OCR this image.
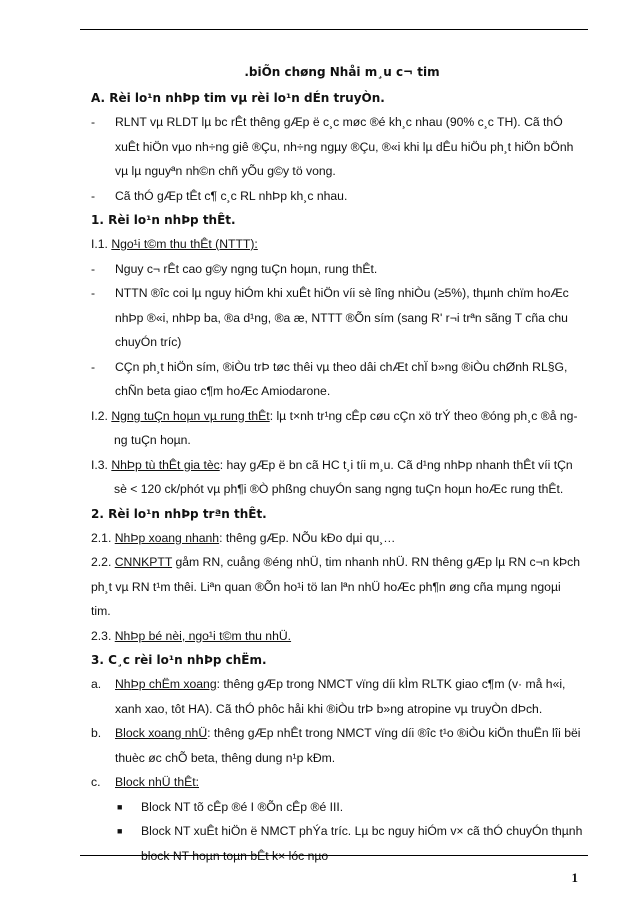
.biÕn chøng Nhåi m¸u c¬ tim

A. Rèi lo¹n nhÞp tim vµ rèi lo¹n dÉn truyÒn.

- RLNT vµ RLDT lµ bc rÊt thêng gÆp ë c¸c møc ®é kh¸c nhau (90% c¸c TH). Cã thÓ xuÊt hiÖn vµo nh÷ng giê ®Çu, nh÷ng ngµy ®Çu, ®«i khi lµ dÊu hiÖu ph¸t hiÖn bÖnh vµ lµ nguyªn nh©n chñ yÕu g©y tö vong.

- Cã thÓ gÆp tÊt c¶ c¸c RL nhÞp kh¸c nhau.

1. Rèi lo¹n nhÞp thÊt.

I.1. Ngo¹i t©m thu thÊt (NTTT):

- Nguy c¬ rÊt cao g©y ngng tuÇn hoµn, rung thÊt.

- NTTN ®îc coi lµ nguy hiÓm khi xuÊt hiÖn víi sè lîng nhiÒu (≥5%), thµnh chïm hoÆc nhÞp ®«i, nhÞp ba, ®a d¹ng, ®a æ, NTTT ®Õn sím (sang R' r¬i trªn sãng T cña chu chuyÓn tríc)

- CÇn ph¸t hiÖn sím, ®iÒu trÞ tøc thêi vµ theo dâi chÆt chÏ b»ng ®iÒu chØnh RL§G, chÑn beta giao c¶m hoÆc Amiodarone.

I.2. Ngng tuÇn hoµn vµ rung thÊt: lµ t×nh tr¹ng cÊp cøu cÇn xö trÝ theo ®óng ph¸c ®å ngng tuÇn hoµn.

I.3. NhÞp tù thÊt gia tèc: hay gÆp ë bn cã HC t¸i tíi m¸u. Cã d¹ng nhÞp nhanh thÊt víi tÇn sè < 120 ck/phót vµ ph¶i ®Ò phßng chuyÓn sang ngng tuÇn hoµn hoÆc rung thÊt.

2. Rèi lo¹n nhÞp trªn thÊt.

2.1. NhÞp xoang nhanh: thêng gÆp. NÕu kÐo dµi qu¸…

2.2. CNNKPTT gåm RN, cuång ®éng nhÜ, tim nhanh nhÜ. RN thêng gÆp lµ RN c¬n kÞch ph¸t vµ RN t¹m thêi. Liªn quan ®Õn ho¹i tö lan lªn nhÜ hoÆc ph¶n øng cña mµng ngoµi tim.

2.3. NhÞp bé nèi, ngo¹i t©m thu nhÜ.

3. C¸c rèi lo¹n nhÞp chËm.

a. NhÞp chËm xoang: thêng gÆp trong NMCT vïng díi kÌm RLTK giao c¶m (v· må h«i, xanh xao, tôt HA). Cã thÓ phôc håi khi ®iÒu trÞ b»ng atropine vµ truyÒn dÞch.

b. Block xoang nhÜ: thêng gÆp nhÊt trong NMCT vïng díi ®îc t¹o ®iÒu kiÖn thuËn lîi bëi thuèc øc chÕ beta, thêng dung n¹p kÐm.

c. Block nhÜ thÊt:

■ Block NT tõ cÊp ®é I ®Õn cÊp ®é III.

■ Block NT xuÊt hiÖn ë NMCT phÝa tríc. Lµ bc nguy hiÓm v× cã thÓ chuyÓn thµnh block NT hoµn toµn bÊt k× lóc nµo

1
